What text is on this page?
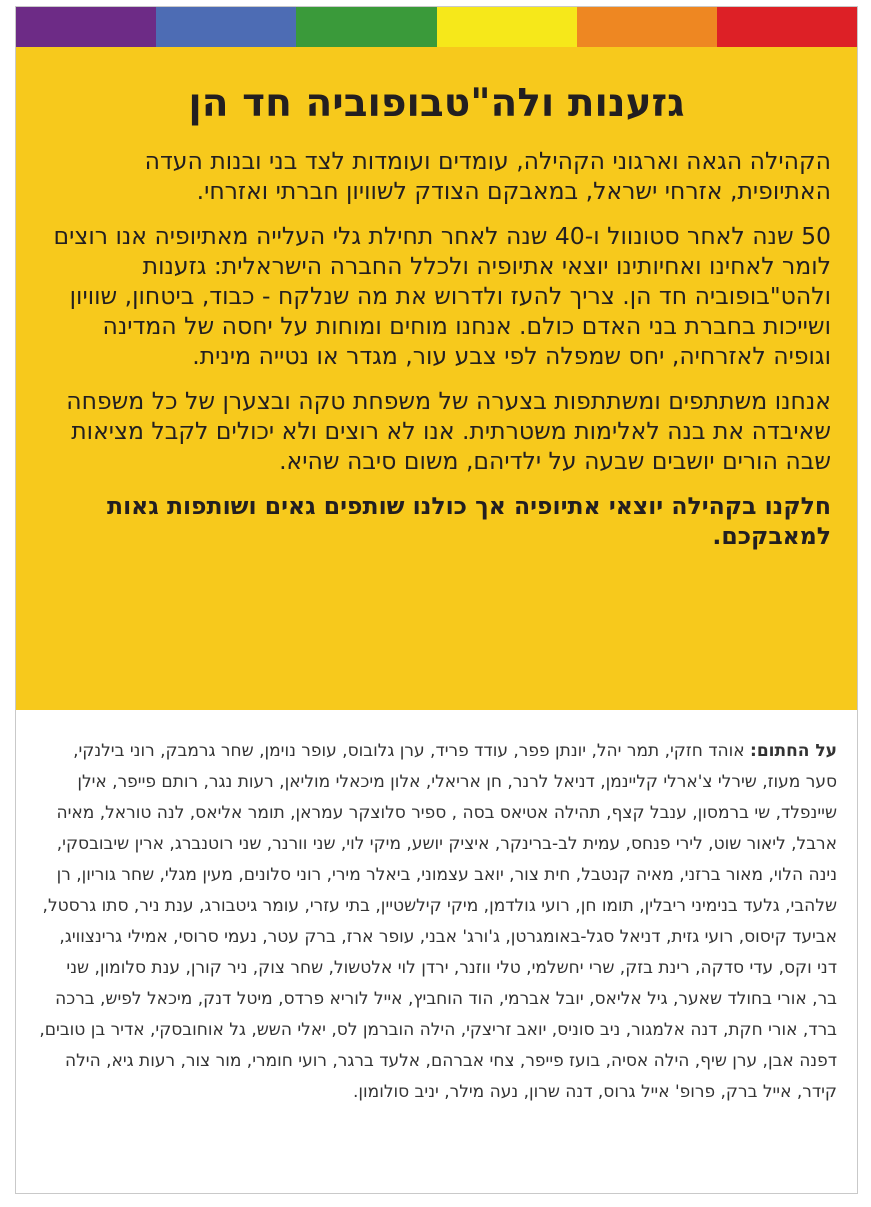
גזענות ולה"טבופוביה חד הן

הקהילה הגאה וארגוני הקהילה, עומדים ועומדות לצד בני ובנות העדה האתיופית, אזרחי ישראל, במאבקם הצודק לשוויון חברתי ואזרחי.

50 שנה לאחר סטונוול ו-40 שנה לאחר תחילת גלי העלייה מאתיופיה אנו רוצים לומר לאחינו ואחיותינו יוצאי אתיופיה ולכלל החברה הישראלית: גזענות ולהט"בופוביה חד הן. צריך להעז ולדרוש את מה שנלקח - כבוד, ביטחון, שוויון ושייכות בחברת בני האדם כולם. אנחנו מוחים ומוחות על יחסה של המדינה וגופיה לאזרחיה, יחס שמפלה לפי צבע עור, מגדר או נטייה מינית.

אנחנו משתתפים ומשתתפות בצערה של משפחת טקה ובצערן של כל משפחה שאיבדה את בנה לאלימות משטרתית. אנו לא רוצים ולא יכולים לקבל מציאות שבה הורים יושבים שבעה על ילדיהם, משום סיבה שהיא.

חלקנו בקהילה יוצאי אתיופיה אך כולנו שותפים גאים ושותפות גאות למאבקכם.

על החתום: אוהד חזקי, תמר יהל, יונתן פפר, עודד פריד, ערן גלובוס, עופר נוימן, שחר גרמבק, רוני בילנקי, סער מעוז, שירלי צ'ארלי קליינמן, דניאל לרנר, חן אריאלי, אלון מיכאלי מוליאן, רעות נגר, רותם פייפר, אילן שיינפלד, שי ברמסון, ענבל קצף, תהילה אטיאס בסה , ספיר סלוצקר עמראן, תומר אליאס, לנה טוראל, מאיה ארבל, ליאור שוט, לירי פנחס, עמית לב-ברינקר, איציק יושע, מיקי לוי, שני וורנר, שני רוטנברג, ארין שיבובסקי, נינה הלוי, מאור ברזני, מאיה קנטבל, חית צור, יואב עצמוני, ביאלר מירי, רוני סלונים, מעין מגלי, שחר גוריון, רן שלהבי, גלעד בנימיני ריבלין, תומו חן, רועי גולדמן, מיקי קילשטיין, בתי עזרי, עומר גיטבורג, ענת ניר, סתו גרסטל, אביעד קיסוס, רועי גזית, דניאל סגל-באומגרטן, ג'ורג' אבני, עופר ארז, ברק עטר, נעמי סרוסי, אמילי גרינצוויג, דני וקס, עדי סדקה, רינת בזק, שרי יחשלמי, טלי ווזנר, ירדן לוי אלטשול, שחר צוק, ניר קורן, ענת סלומון, שני בר, אורי בחולד שאער, גיל אליאס, יובל אברמי, הוד הוחביץ, אייל לוריא פרדס, מיטל דנק, מיכאל לפיש, ברכה ברד, אורי חקת, דנה אלמגור, ניב סוניס, יואב זריצקי, הילה הוברמן לס, יאלי השש, גל אוחובסקי, אדיר בן טובים, דפנה אבן, ערן שיף, הילה אסיה, בועז פייפר, צחי אברהם, אלעד ברגר, רועי חומרי, מור צור, רעות גיא, הילה קידר, אייל ברק, פרופ' אייל גרוס, דנה שרון, נעה מילר, יניב סולומון.
